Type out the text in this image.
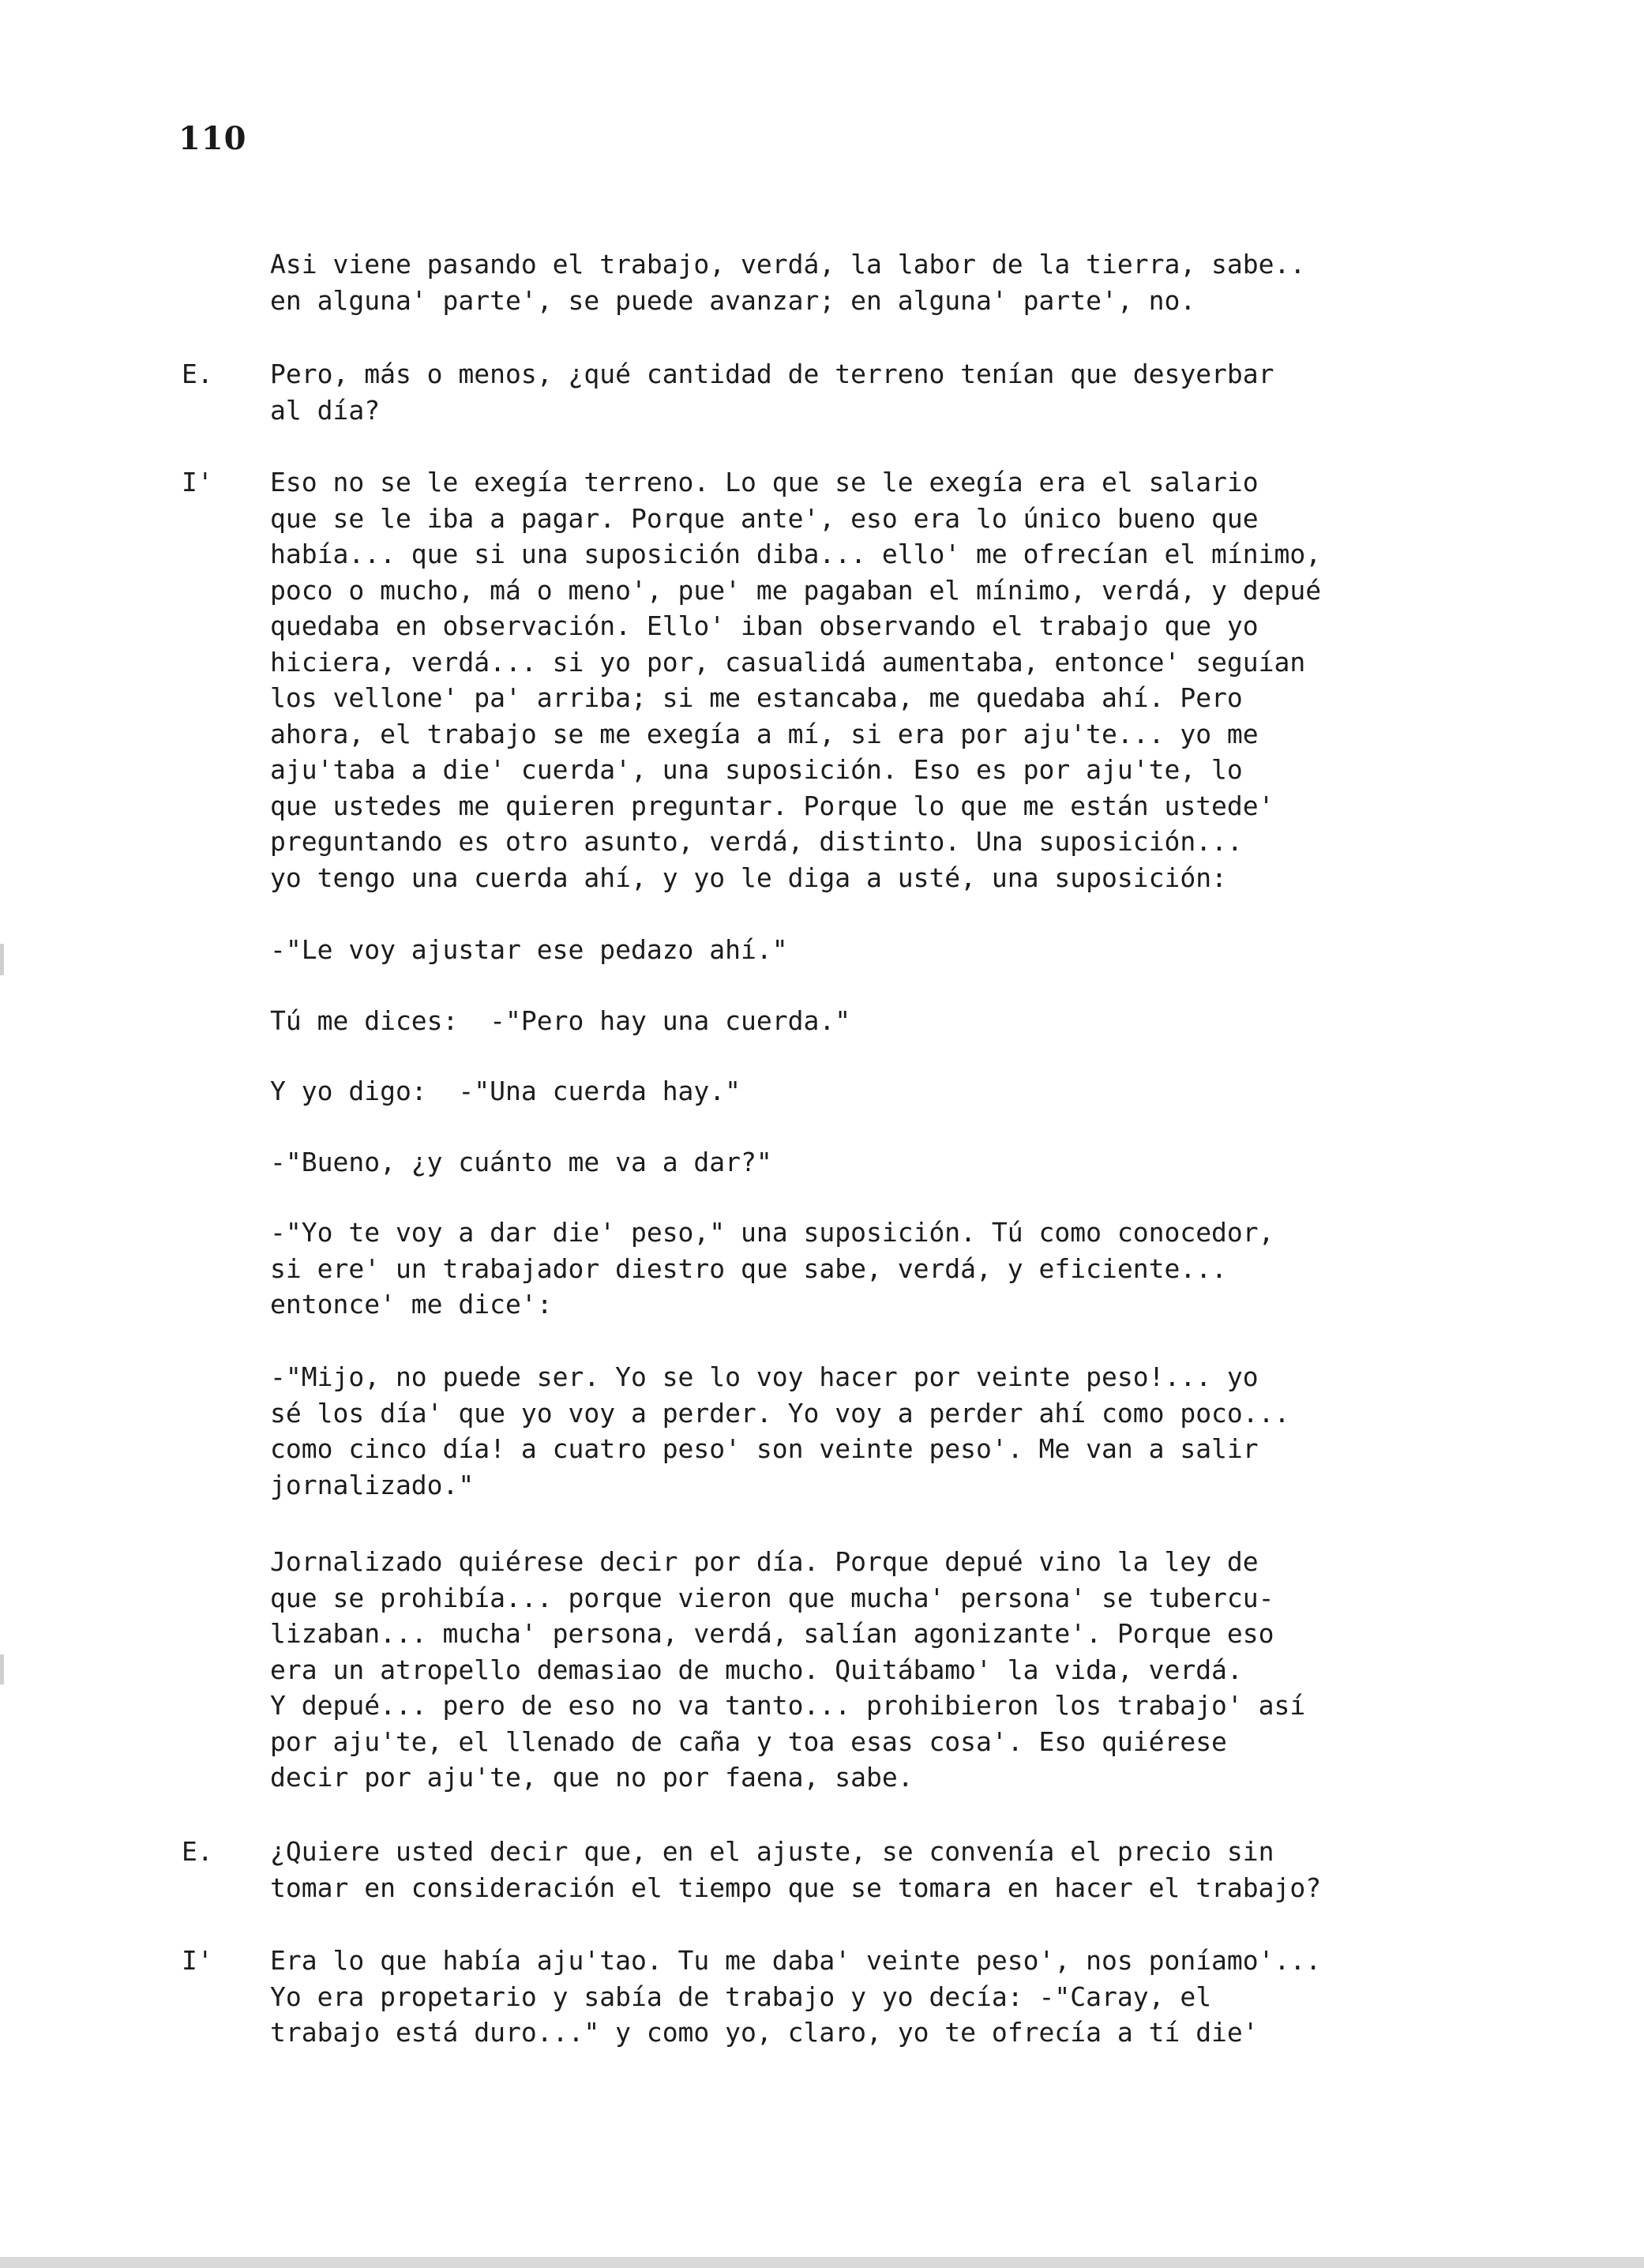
110
Asi viene pasando el trabajo, verdá, la labor de la tierra, sabe..
en alguna' parte', se puede avanzar; en alguna' parte', no.
E. Pero, más o menos, ¿qué cantidad de terreno tenían que desyerbar
al día?
I' Eso no se le exegía terreno. Lo que se le exegía era el salario
que se le iba a pagar. Porque ante', eso era lo único bueno que
había... que si una suposición diba... ello' me ofrecían el mínimo,
poco o mucho, má o meno', pue' me pagaban el mínimo, verdá, y depué
quedaba en observación. Ello' iban observando el trabajo que yo
hiciera, verdá... si yo por, casualidá aumentaba, entonce' seguían
los vellone' pa' arriba; si me estancaba, me quedaba ahí. Pero
ahora, el trabajo se me exegía a mí, si era por aju'te... yo me
aju'taba a die' cuerda', una suposición. Eso es por aju'te, lo
que ustedes me quieren preguntar. Porque lo que me están ustede'
preguntando es otro asunto, verdá, distinto. Una suposición...
yo tengo una cuerda ahí, y yo le diga a usté, una suposición:
-"Le voy ajustar ese pedazo ahí."
Tú me dices:  -"Pero hay una cuerda."
Y yo digo:  -"Una cuerda hay."
-"Bueno, ¿y cuánto me va a dar?"
-"Yo te voy a dar die' peso," una suposición. Tú como conocedor,
si ere' un trabajador diestro que sabe, verdá, y eficiente...
entonce' me dice':
-"Mijo, no puede ser. Yo se lo voy hacer por veinte peso!... yo
sé los día' que yo voy a perder. Yo voy a perder ahí como poco...
como cinco día! a cuatro peso' son veinte peso'. Me van a salir
jornalizado."
Jornalizado quiérese decir por día. Porque depué vino la ley de
que se prohibía... porque vieron que mucha' persona' se tubercu-
lizaban... mucha' persona, verdá, salían agonizante'. Porque eso
era un atropello demasiao de mucho. Quitábamo' la vida, verdá.
Y depué... pero de eso no va tanto... prohibieron los trabajo' así
por aju'te, el llenado de caña y toa esas cosa'. Eso quiérese
decir por aju'te, que no por faena, sabe.
E. ¿Quiere usted decir que, en el ajuste, se convenía el precio sin
tomar en consideración el tiempo que se tomara en hacer el trabajo?
I' Era lo que había aju'tao. Tu me daba' veinte peso', nos poníamo'...
Yo era propetario y sabía de trabajo y yo decía: -"Caray, el
trabajo está duro..." y como yo, claro, yo te ofrecía a tí die'
